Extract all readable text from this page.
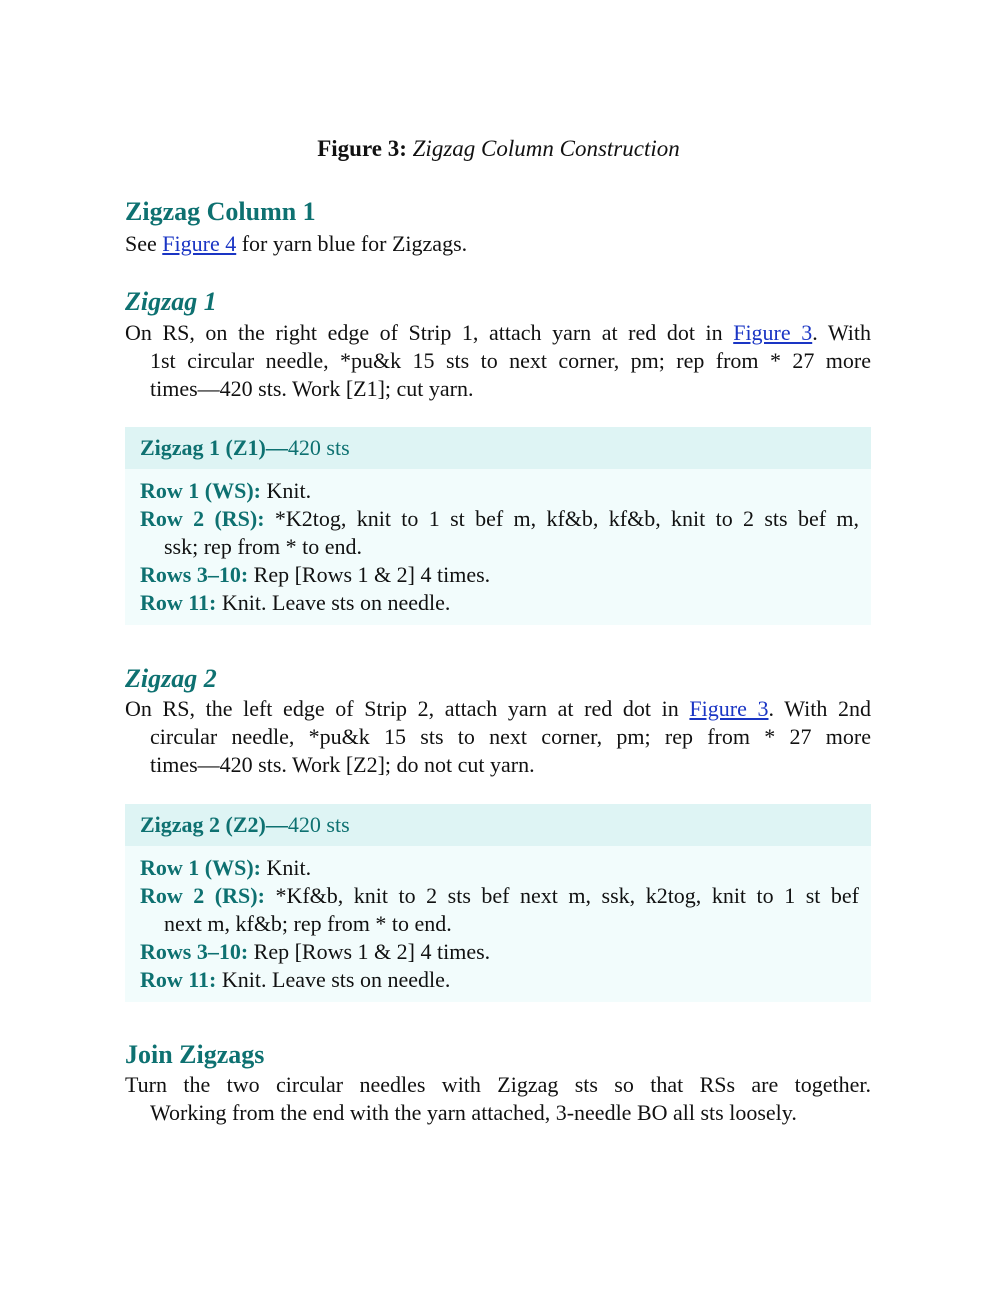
Figure 3: Zigzag Column Construction
Zigzag Column 1
See Figure 4 for yarn blue for Zigzags.
Zigzag 1
On RS, on the right edge of Strip 1, attach yarn at red dot in Figure 3. With
1st circular needle, *pu&k 15 sts to next corner, pm; rep from * 27 more
times—420 sts. Work [Z1]; cut yarn.
Zigzag 1 (Z1)—420 sts
Row 1 (WS): Knit.
Row 2 (RS): *K2tog, knit to 1 st bef m, kf&b, kf&b, knit to 2 sts bef m,
ssk; rep from * to end.
Rows 3–10: Rep [Rows 1 & 2] 4 times.
Row 11: Knit. Leave sts on needle.
Zigzag 2
On RS, the left edge of Strip 2, attach yarn at red dot in Figure 3. With 2nd
circular needle, *pu&k 15 sts to next corner, pm; rep from * 27 more
times—420 sts. Work [Z2]; do not cut yarn.
Zigzag 2 (Z2)—420 sts
Row 1 (WS): Knit.
Row 2 (RS): *Kf&b, knit to 2 sts bef next m, ssk, k2tog, knit to 1 st bef
next m, kf&b; rep from * to end.
Rows 3–10: Rep [Rows 1 & 2] 4 times.
Row 11: Knit. Leave sts on needle.
Join Zigzags
Turn the two circular needles with Zigzag sts so that RSs are together.
Working from the end with the yarn attached, 3-needle BO all sts loosely.
